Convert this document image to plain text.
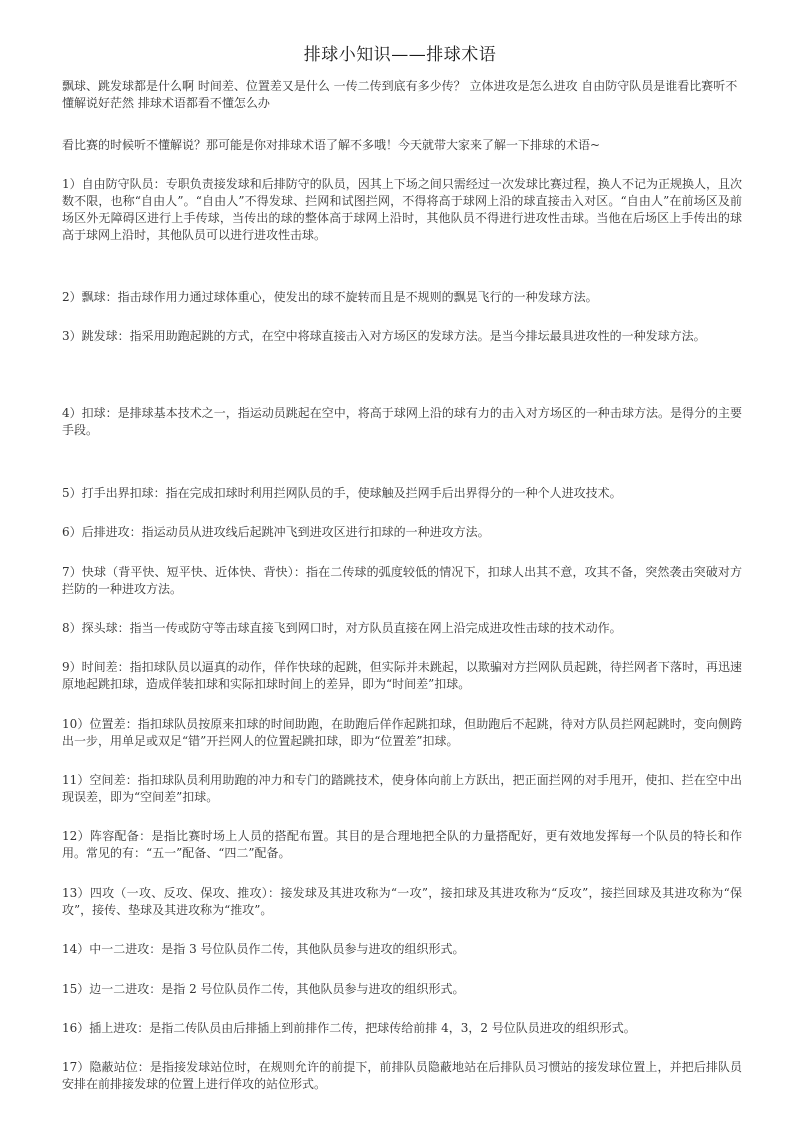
排球小知识——排球术语
飘球、跳发球都是什么啊 时间差、位置差又是什么 一传二传到底有多少传？ 立体进攻是怎么进攻 自由防守队员是谁看比赛听不懂解说好茫然 排球术语都看不懂怎么办
看比赛的时候听不懂解说？那可能是你对排球术语了解不多哦！今天就带大家来了解一下排球的术语~
1）自由防守队员：专职负责接发球和后排防守的队员，因其上下场之间只需经过一次发球比赛过程，换人不记为正规换人，且次数不限，也称“自由人”。“自由人”不得发球、拦网和试图拦网，不得将高于球网上沿的球直接击入对区。“自由人”在前场区及前场区外无障碍区进行上手传球，当传出的球的整体高于球网上沿时，其他队员不得进行进攻性击球。当他在后场区上手传出的球高于球网上沿时，其他队员可以进行进攻性击球。
2）飘球：指击球作用力通过球体重心，使发出的球不旋转而且是不规则的飘晃飞行的一种发球方法。
3）跳发球：指采用助跑起跳的方式，在空中将球直接击入对方场区的发球方法。是当今排坛最具进攻性的一种发球方法。
4）扣球：是排球基本技术之一，指运动员跳起在空中，将高于球网上沿的球有力的击入对方场区的一种击球方法。是得分的主要手段。
5）打手出界扣球：指在完成扣球时利用拦网队员的手，使球触及拦网手后出界得分的一种个人进攻技术。
6）后排进攻：指运动员从进攻线后起跳冲飞到进攻区进行扣球的一种进攻方法。
7）快球（背平快、短平快、近体快、背快）：指在二传球的弧度较低的情况下，扣球人出其不意，攻其不备，突然袭击突破对方拦防的一种进攻方法。
8）探头球：指当一传或防守等击球直接飞到网口时，对方队员直接在网上沿完成进攻性击球的技术动作。
9）时间差：指扣球队员以逼真的动作，佯作快球的起跳，但实际并未跳起，以欺骗对方拦网队员起跳，待拦网者下落时，再迅速原地起跳扣球，造成佯装扣球和实际扣球时间上的差异，即为“时间差”扣球。
10）位置差：指扣球队员按原来扣球的时间助跑，在助跑后佯作起跳扣球，但助跑后不起跳，待对方队员拦网起跳时，变向侧跨出一步，用单足或双足“错”开拦网人的位置起跳扣球，即为“位置差”扣球。
11）空间差：指扣球队员利用助跑的冲力和专门的踏跳技术，使身体向前上方跃出，把正面拦网的对手甩开，使扣、拦在空中出现误差，即为“空间差”扣球。
12）阵容配备：是指比赛时场上人员的搭配布置。其目的是合理地把全队的力量搭配好，更有效地发挥每一个队员的特长和作用。常见的有：“五一”配备、“四二”配备。
13）四攻（一攻、反攻、保攻、推攻）：接发球及其进攻称为“一攻”，接扣球及其进攻称为“反攻”，接拦回球及其进攻称为“保攻”，接传、垫球及其进攻称为“推攻”。
14）中一二进攻：是指 3 号位队员作二传，其他队员参与进攻的组织形式。
15）边一二进攻：是指 2 号位队员作二传，其他队员参与进攻的组织形式。
16）插上进攻：是指二传队员由后排插上到前排作二传，把球传给前排 4，3，2 号位队员进攻的组织形式。
17）隐蔽站位：是指接发球站位时，在规则允许的前提下，前排队员隐蔽地站在后排队员习惯站的接发球位置上，并把后排队员安排在前排接发球的位置上进行佯攻的站位形式。
